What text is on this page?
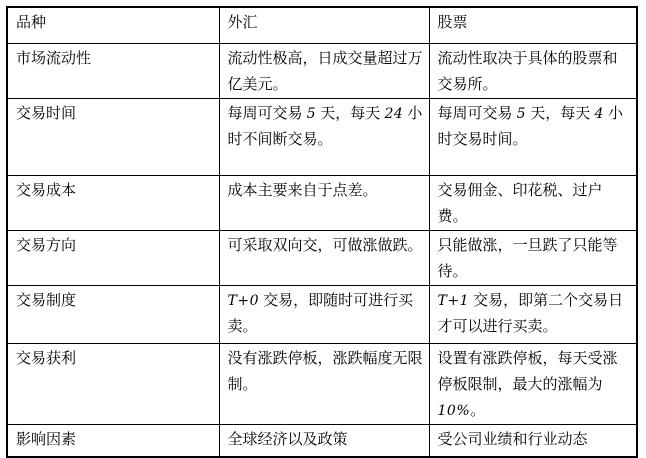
品种	外汇	股票
市场流动性	流动性极高，日成交量超过万亿美元。	流动性取决于具体的股票和交易所。
交易时间	每周可交易 5 天，每天 24 小时不间断交易。	每周可交易 5 天，每天 4 小时交易时间。
交易成本	成本主要来自于点差。	交易佣金、印花税、过户费。
交易方向	可采取双向交，可做涨做跌。	只能做涨，一旦跌了只能等待。
交易制度	T+0 交易，即随时可进行买卖。	T+1 交易，即第二个交易日才可以进行买卖。
交易获利	没有涨跌停板，涨跌幅度无限制。	设置有涨跌停板，每天受涨停板限制，最大的涨幅为 10%。
影响因素	全球经济以及政策	受公司业绩和行业动态
